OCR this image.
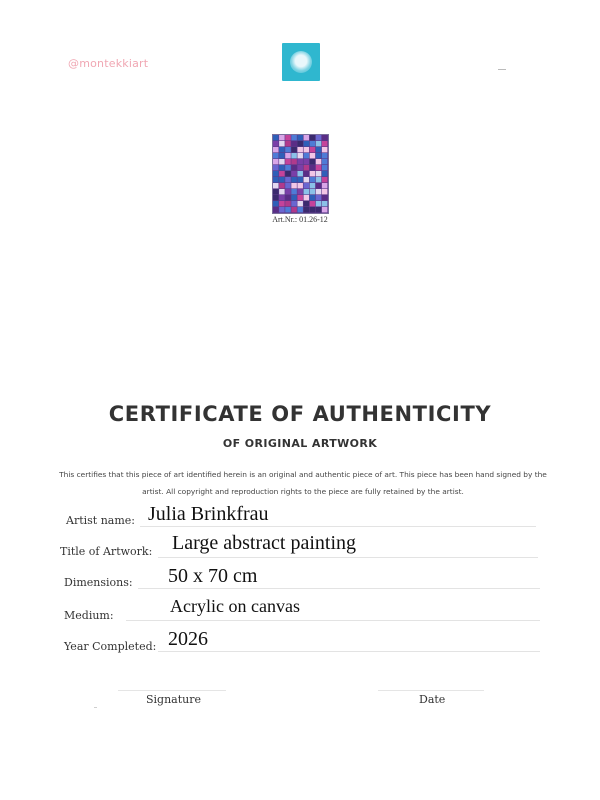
@montekkiart
Art.Nr.: 01.26-12
CERTIFICATE OF AUTHENTICITY
OF ORIGINAL ARTWORK
This certifies that this piece of art identified herein is an original and authentic piece of art. This piece has been hand signed by the artist. All copyright and reproduction rights to the piece are fully retained by the artist.
Artist name: Julia Brinkfrau
Title of Artwork: Large abstract painting
Dimensions: 50 x 70 cm
Medium:	Acrylic on canvas
Year Completed: 2026
Signature	Date
